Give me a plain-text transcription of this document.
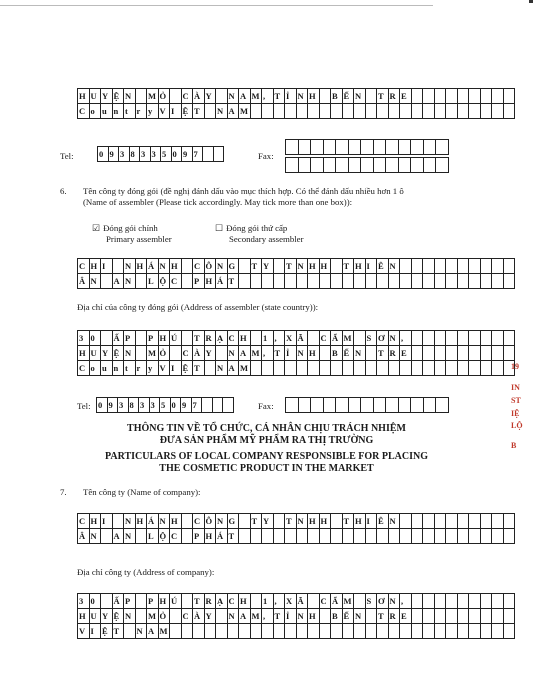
H	U	Y	Ệ	N		M	Ỏ		C	À	Y		N	A	M	,	T	Ỉ	N	H		B	Ế	N		T	R	E									
C	o	u	n	t	r	y	V	I	Ệ	T		N	A	M																							
Tel:	0	9	3	8	3	3	5	0	9	7			Fax:

6. Tên công ty đóng gói (đề nghị đánh dấu vào mục thích hợp. Có thể đánh dấu nhiều hơn 1 ô
(Name of assembler (Please tick accordingly. May tick more than one box)):
☑ Đóng gói chính
Primary assembler
☐ Đóng gói thứ cấp
Secondary assembler
C	H	I		N	H	Á	N	H		C	Ô	N	G		T	Y		T	N	H	H		T	H	I	Ê	N										
Â	N		A	N		L	Ộ	C		P	H	Á	T																								
Địa chỉ của công ty đóng gói (Address of assembler (state country)):
3	0		Ấ	P		P	H	Ú		T	R	Ạ	C	H		1	,	X	Ã		C	Ẩ	M		S	Ơ	N	,									
H	U	Y	Ệ	N		M	Ỏ		C	À	Y		N	A	M	,	T	Ỉ	N	H		B	Ế	N		T	R	E									
C	o	u	n	t	r	y	V	I	Ệ	T		N	A	M																							
Tel: 0	9	3	8	3	3	5	0	9	7				Fax:

THÔNG TIN VỀ TỔ CHỨC, CÁ NHÂN CHỊU TRÁCH NHIỆM
ĐƯA SẢN PHẨM MỸ PHẨM RA THỊ TRƯỜNG
PARTICULARS OF LOCAL COMPANY RESPONSIBLE FOR PLACING
THE COSMETIC PRODUCT IN THE MARKET
7. Tên công ty (Name of company):
C	H	I		N	H	Á	N	H		C	Ô	N	G		T	Y		T	N	H	H		T	H	I	Ê	N										
Â	N		A	N		L	Ộ	C		P	H	Á	T																								
Địa chỉ công ty (Address of company):
3	0		Ấ	P		P	H	Ú		T	R	Ạ	C	H		1	,	X	Ã		C	Ẩ	M		S	Ơ	N	,									
H	U	Y	Ệ	N		M	Ỏ		C	À	Y		N	A	M	,	T	Ỉ	N	H		B	Ế	N		T	R	E									
V	I	Ệ	T		N	A	M																														
19
IN
ST
IỆ
LỘ
B
